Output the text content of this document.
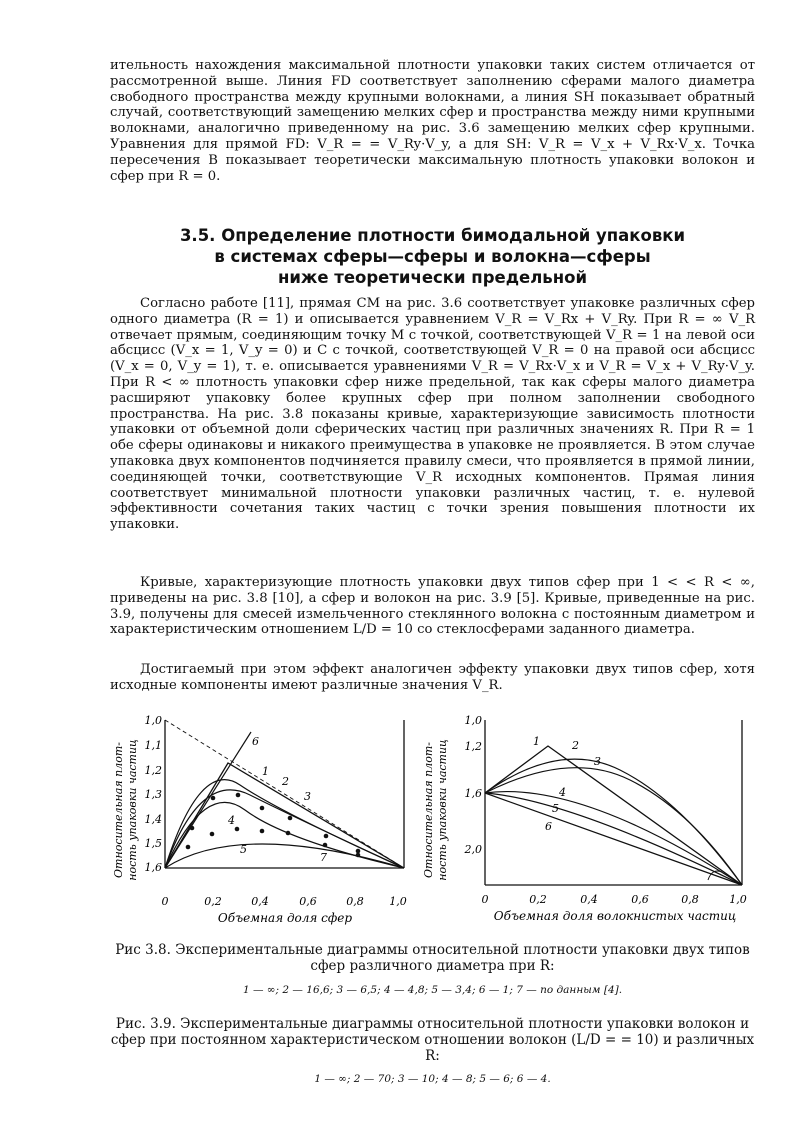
ительность нахождения максимальной плотности упаковки таких систем отличается от рассмотренной выше. Линия FD соответствует заполнению сферами малого диаметра свободного пространства между крупными волокнами, а линия SH показывает обратный случай, соответствующий замещению мелких сфер и пространства между ними крупными волокнами, аналогично приведенному на рис. 3.6 замещению мелких сфер крупными. Уравнения для прямой FD: V_R = = V_Ry·V_y, а для SH: V_R = V_x + V_Rx·V_x. Точка пересечения B показывает теоретически максимальную плотность упаковки волокон и сфер при R = 0.

3.5. Определение плотности бимодальной упаковки
в системах сферы—сферы и волокна—сферы
ниже теоретически предельной

Согласно работе [11], прямая CM на рис. 3.6 соответствует упаковке различных сфер одного диаметра (R = 1) и описывается уравнением V_R = V_Rx + V_Ry. При R = ∞ V_R отвечает прямым, соединяющим точку M с точкой, соответствующей V_R = 1 на левой оси абсцисс (V_x = 1, V_y = 0) и C с точкой, соответствующей V_R = 0 на правой оси абсцисс (V_x = 0, V_y = 1), т. е. описывается уравнениями V_R = V_Rx·V_x и V_R = V_x + V_Ry·V_y. При R < ∞ плотность упаковки сфер ниже предельной, так как сферы малого диаметра расширяют упаковку более крупных сфер при полном заполнении свободного пространства. На рис. 3.8 показаны кривые, характеризующие зависимость плотности упаковки от объемной доли сферических частиц при различных значениях R. При R = 1 обе сферы одинаковы и никакого преимущества в упаковке не проявляется. В этом случае упаковка двух компонентов подчиняется правилу смеси, что проявляется в прямой линии, соединяющей точки, соответствующие V_R исходных компонентов. Прямая линия соответствует минимальной плотности упаковки различных частиц, т. е. нулевой эффективности сочетания таких частиц с точки зрения повышения плотности их упаковки.

Кривые, характеризующие плотность упаковки двух типов сфер при 1 < < R < ∞, приведены на рис. 3.8 [10], а сфер и волокон на рис. 3.9 [5]. Кривые, приведенные на рис. 3.9, получены для смесей измельченного стеклянного волокна с постоянным диаметром и характеристическим отношением L/D = 10 со стеклосферами заданного диаметра.

Достигаемый при этом эффект аналогичен эффекту упаковки двух типов сфер, хотя исходные компоненты имеют различные значения V_R.

Относительная плот- ность упаковки частиц	1
2
3
4
5
6
7
1,0
1,1
1,2
1,3
1,4
1,5
1,6
0	0,2	0,4	0,6	0,8 1,0
Объемная доля сфер
Относительная плот- ность упаковки частиц	1	2
3
4
5
6
1,0
1,2
1,6
2,0
0	0,2	0,4	0,6	0,8	1,0
Объемная доля волокнистых частиц
Рис 3.8. Экспериментальные диаграммы относительной плотности упаковки двух типов сфер различного диаметра при R:
1 — ∞; 2 — 16,6; 3 — 6,5; 4 — 4,8; 5 — 3,4; 6 — 1; 7 — по данным [4].
Рис. 3.9. Экспериментальные диаграммы относительной плотности упаковки волокон и сфер при постоянном характеристическом отношении волокон (L/D = = 10) и различных R:
1 — ∞; 2 — 70; 3 — 10; 4 — 8; 5 — 6; 6 — 4.
